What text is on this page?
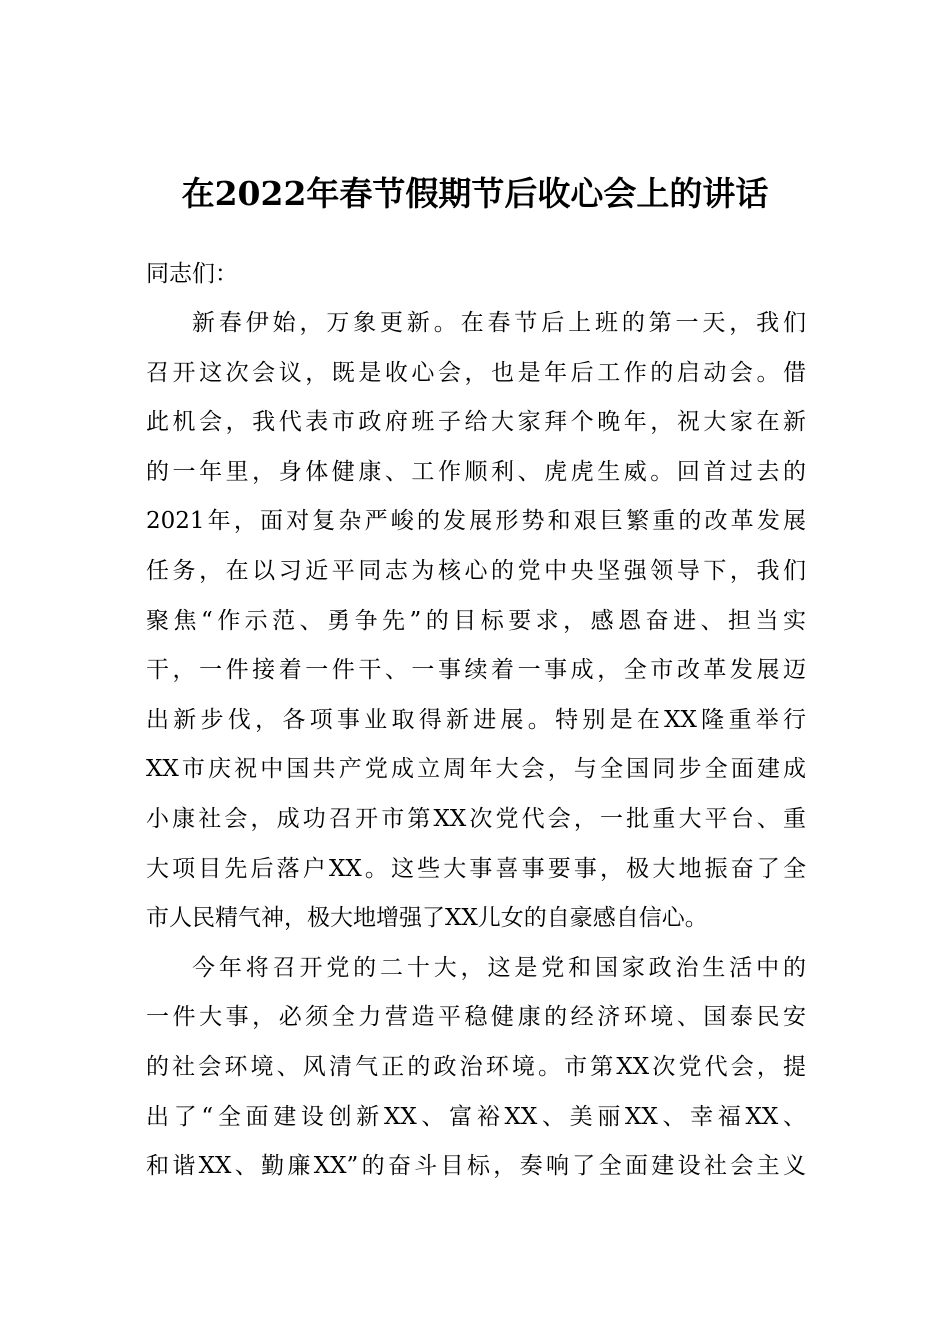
在2022年春节假期节后收心会上的讲话

同志们：

新春伊始，万象更新。在春节后上班的第一天，我们
召开这次会议，既是收心会，也是年后工作的启动会。借
此机会，我代表市政府班子给大家拜个晚年，祝大家在新
的一年里，身体健康、工作顺利、虎虎生威。回首过去的
2021年，面对复杂严峻的发展形势和艰巨繁重的改革发展
任务，在以习近平同志为核心的党中央坚强领导下，我们
聚焦“作示范、勇争先”的目标要求，感恩奋进、担当实
干，一件接着一件干、一事续着一事成，全市改革发展迈
出新步伐，各项事业取得新进展。特别是在XX隆重举行
XX市庆祝中国共产党成立周年大会，与全国同步全面建成
小康社会，成功召开市第XX次党代会，一批重大平台、重
大项目先后落户XX。这些大事喜事要事，极大地振奋了全
市人民精气神，极大地增强了XX儿女的自豪感自信心。

今年将召开党的二十大，这是党和国家政治生活中的
一件大事，必须全力营造平稳健康的经济环境、国泰民安
的社会环境、风清气正的政治环境。市第XX次党代会，提
出了“全面建设创新XX、富裕XX、美丽XX、幸福XX、
和谐XX、勤廉XX”的奋斗目标，奏响了全面建设社会主义
